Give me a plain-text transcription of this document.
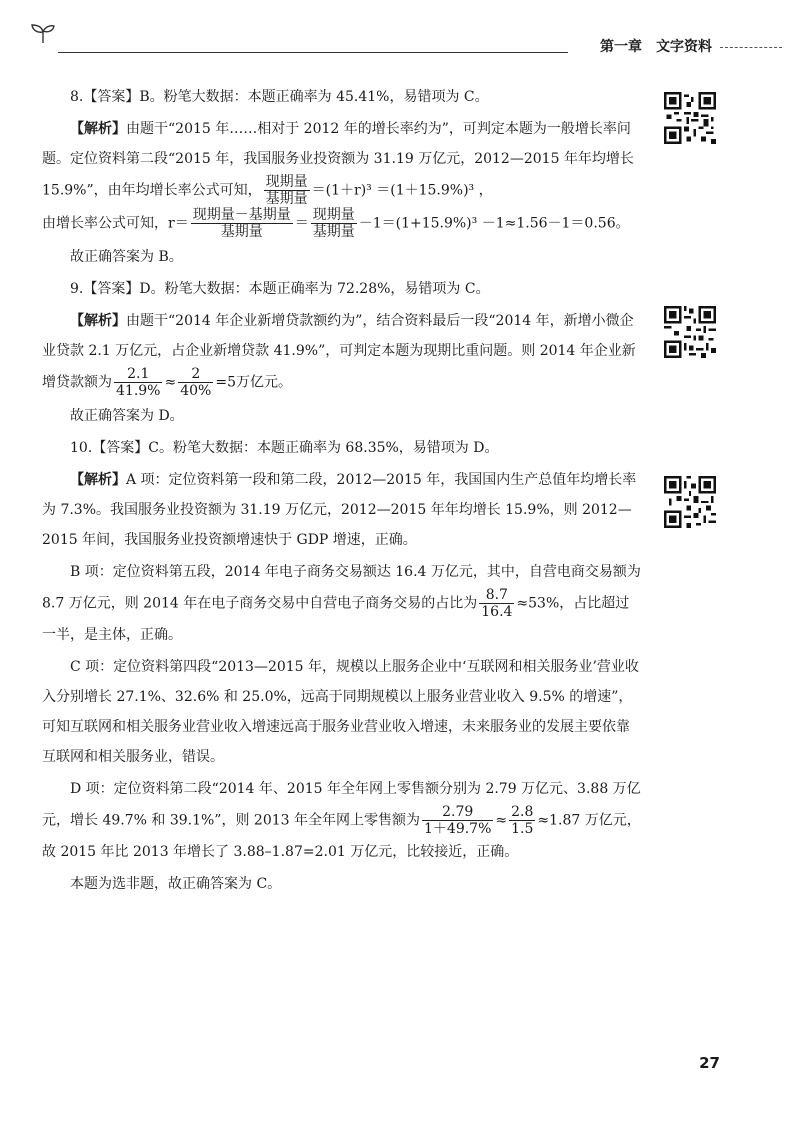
第一章 文字资料

8.【答案】B。粉笔大数据：本题正确率为 45.41%，易错项为 C。

【解析】由题干“2015 年……相对于 2012 年的增长率约为”，可判定本题为一般增长率问题。定位资料第二段“2015 年，我国服务业投资额为 31.19 万亿元，2012—2015 年年均增长 15.9%”，由年均增长率公式可知， $\frac{\text{现期量}}{\text{基期量}} =(1+r)^3 =(1+15.9\%)^3$ ，

由增长率公式可知，$r= \frac{\text{现期量－基期量}}{\text{基期量}} = \frac{\text{现期量}}{\text{基期量}} -1=(1+15.9\%)^3 -1\approx 1.56-1=0.56$。

故正确答案为 B。

9.【答案】D。粉笔大数据：本题正确率为 72.28%，易错项为 C。

【解析】由题干“2014 年企业新增贷款额约为”，结合资料最后一段“2014 年，新增小微企业贷款 2.1 万亿元，占企业新增贷款 41.9%”，可判定本题为现期比重问题。则 2014 年企业新增贷款额为 $\frac{2.1}{41.9\%} \approx \frac{2}{40\%} =5$万亿元。

故正确答案为 D。

10.【答案】C。粉笔大数据：本题正确率为 68.35%，易错项为 D。

【解析】A 项：定位资料第一段和第二段，2012—2015 年，我国国内生产总值年均增长率为 7.3%。我国服务业投资额为 31.19 万亿元，2012—2015 年年均增长 15.9%，则 2012—2015 年间，我国服务业投资额增速快于 GDP 增速，正确。

B 项：定位资料第五段，2014 年电子商务交易额达 16.4 万亿元，其中，自营电商交易额为 8.7 万亿元，则 2014 年在电子商务交易中自营电子商务交易的占比为 $\frac{8.7}{16.4} \approx 53\%$，占比超过一半，是主体，正确。

C 项：定位资料第四段“2013—2015 年，规模以上服务企业中‘互联网和相关服务业’营业收入分别增长 27.1%、32.6% 和 25.0%，远高于同期规模以上服务业营业收入 9.5% 的增速”，可知互联网和相关服务业营业收入增速远高于服务业营业收入增速，未来服务业的发展主要依靠互联网和相关服务业，错误。

D 项：定位资料第二段“2014 年、2015 年全年网上零售额分别为 2.79 万亿元、3.88 万亿元，增长 49.7% 和 39.1%”，则 2013 年全年网上零售额为 $\frac{2.79}{1+49.7\%} \approx \frac{2.8}{1.5} \approx 1.87$ 万亿元，故 2015 年比 2013 年增长了 3.88–1.87=2.01 万亿元，比较接近，正确。

本题为选非题，故正确答案为 C。

27
